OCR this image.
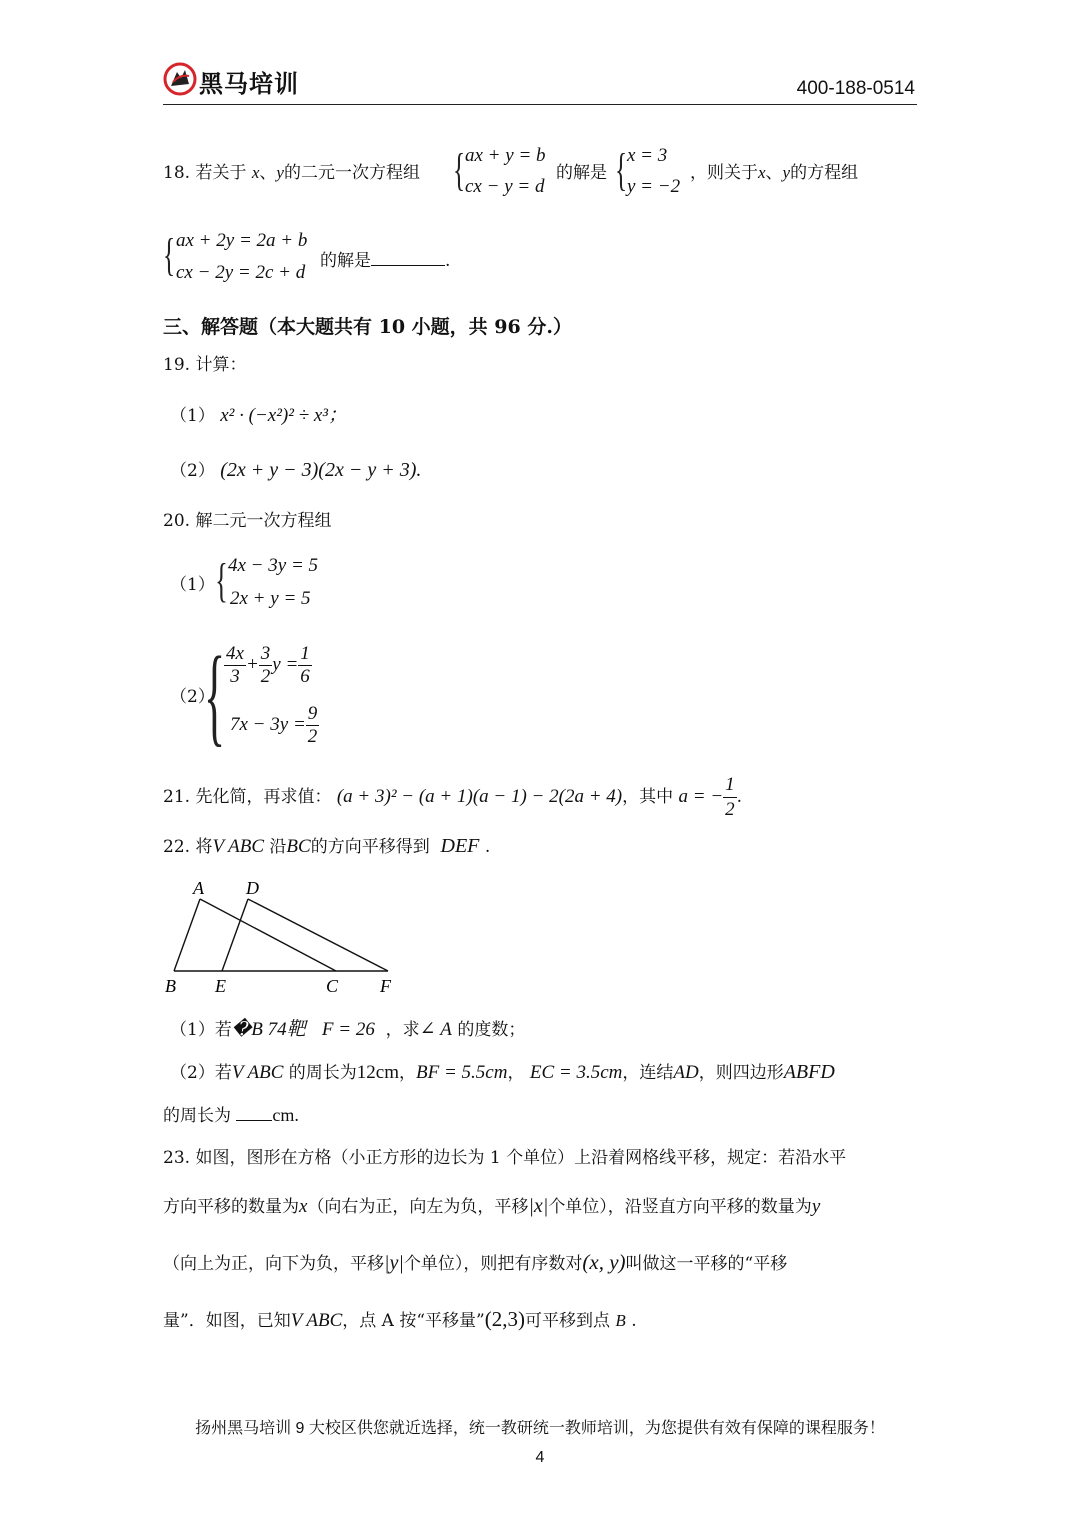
黑马培训	400-188-0514
18. 若关于 x、y的二元一次方程组 { ax + y = b
cx − y = d
的解是 { x = 3
y = −2
，则关于x、y的方程组
{ ax + 2y = 2a + b
cx − 2y = 2c + d
的解是	.
三、解答题（本大题共有 10 小题，共 96 分.）
19. 计算：
（1） x² · (−x²)² ÷ x³；
（2） (2x + y − 3)(2x − y + 3).
20. 解二元一次方程组
（1） { 4x − 3y = 5
2x + y = 5
（2）
{
$\frac{4x}{3} + \frac{3}{2}$ $y = \frac{1}{6}$
$7x - 3y = \frac{9}{2}$
21. 先化简，再求值： (a + 3)² − (a + 1)(a − 1) − 2(2a + 4)，其中 a = − $\frac{1}{2}$ .
22. 将V ABC 沿BC的方向平移得到 DEF .
A D
B E	C F
（1）若�B 74靶 F = 26 ，求∠ A 的度数；
（2）若V ABC 的周长为12cm，BF = 5.5cm， EC = 3.5cm，连结AD，则四边形ABFD
的周长为 cm.
23. 如图，图形在方格（小正方形的边长为 1 个单位）上沿着网格线平移，规定：若沿水平
方向平移的数量为x（向右为正，向左为负，平移|x|个单位），沿竖直方向平移的数量为y
（向上为正，向下为负，平移|y|个单位），则把有序数对(x, y)叫做这一平移的“平移
量”．如图，已知V ABC，点 A 按“平移量”(2,3)可平移到点 B .
扬州黑马培训 9 大校区供您就近选择，统一教研统一教师培训，为您提供有效有保障的课程服务！
4
